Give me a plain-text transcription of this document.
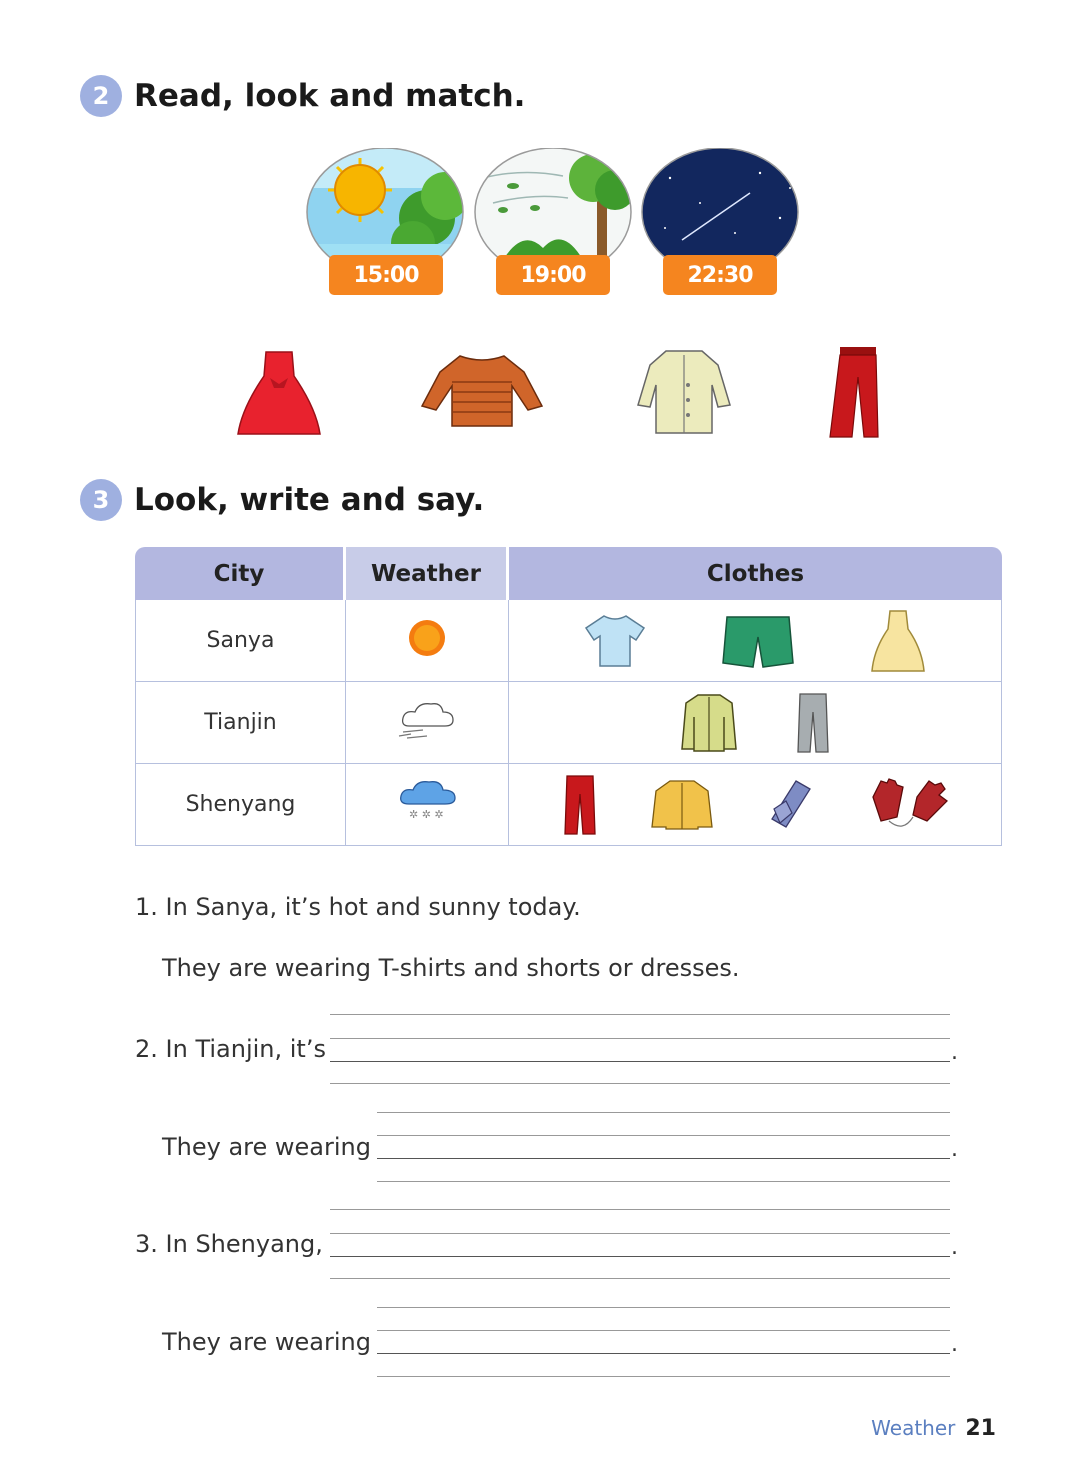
2 Read, look and match.
15:00	19:00	22:30
3 Look, write and say.
City	Weather	Clothes
Sanya		

Tianjin		

Shenyang	✲ ✲ ✲

1. In Sanya, it’s hot and sunny today.
They are wearing T-shirts and shorts or dresses.
2. In Tianjin, it’s	.
They are wearing	.
3. In Shenyang,	.
They are wearing	.
Weather 21
